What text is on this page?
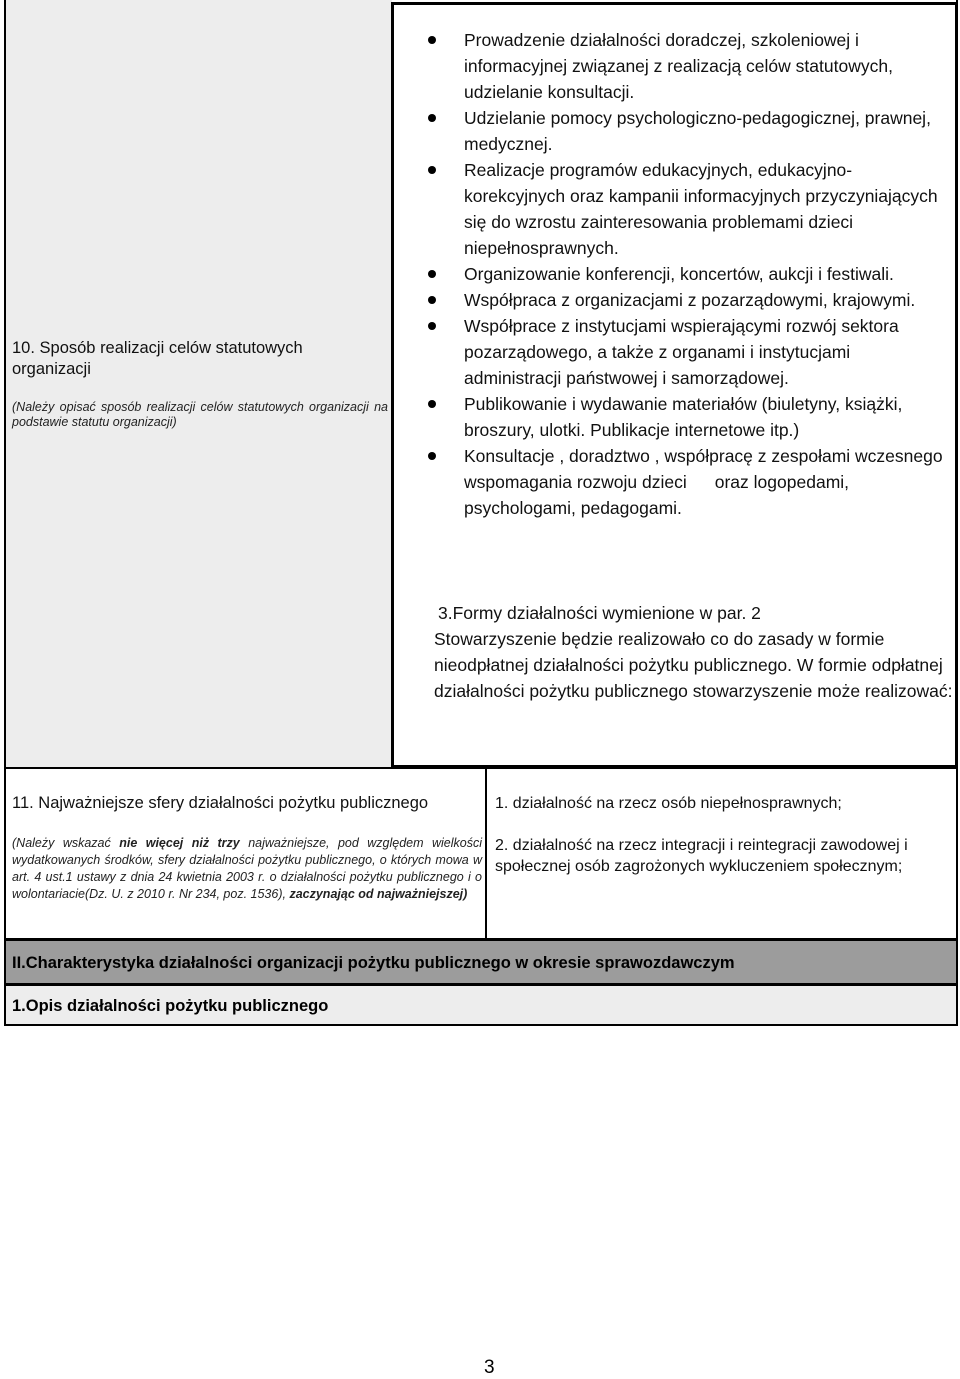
10. Sposób realizacji celów statutowych organizacji
(Należy opisać sposób realizacji celów statutowych organizacji na podstawie statutu organizacji)
Prowadzenie działalności doradczej, szkoleniowej i informacyjnej związanej z realizacją celów statutowych, udzielanie konsultacji.
Udzielanie pomocy psychologiczno-pedagogicznej, prawnej, medycznej.
Realizacje programów edukacyjnych, edukacyjno-korekcyjnych oraz kampanii informacyjnych przyczyniających się do wzrostu zainteresowania problemami dzieci niepełnosprawnych.
Organizowanie konferencji, koncertów, aukcji i festiwali.
Współpraca z organizacjami z pozarządowymi, krajowymi.
Współprace z instytucjami wspierającymi rozwój sektora pozarządowego, a także z organami i instytucjami administracji państwowej i samorządowej.
Publikowanie i wydawanie materiałów (biuletyny, książki, broszury, ulotki. Publikacje internetowe itp.)
Konsultacje , doradztwo , współpracę z zespołami wczesnego wspomagania rozwoju dzieci oraz logopedami, psychologami, pedagogami.
3.Formy działalności wymienione w par. 2
Stowarzyszenie będzie realizowało co do zasady w formie nieodpłatnej działalności pożytku publicznego. W formie odpłatnej działalności pożytku publicznego stowarzyszenie może realizować:
11. Najważniejsze sfery działalności pożytku publicznego
(Należy wskazać nie więcej niż trzy najważniejsze, pod względem wielkości wydatkowanych środków, sfery działalności pożytku publicznego, o których mowa w art. 4 ust.1 ustawy z dnia 24 kwietnia 2003 r. o działalności pożytku publicznego i o wolontariacie(Dz. U. z 2010 r. Nr 234, poz. 1536), zaczynając od najważniejszej)
1. działalność na rzecz osób niepełnosprawnych;
2. działalność na rzecz integracji i reintegracji zawodowej i społecznej osób zagrożonych wykluczeniem społecznym;
II.Charakterystyka działalności organizacji pożytku publicznego w okresie sprawozdawczym
1.Opis działalności pożytku publicznego
3
